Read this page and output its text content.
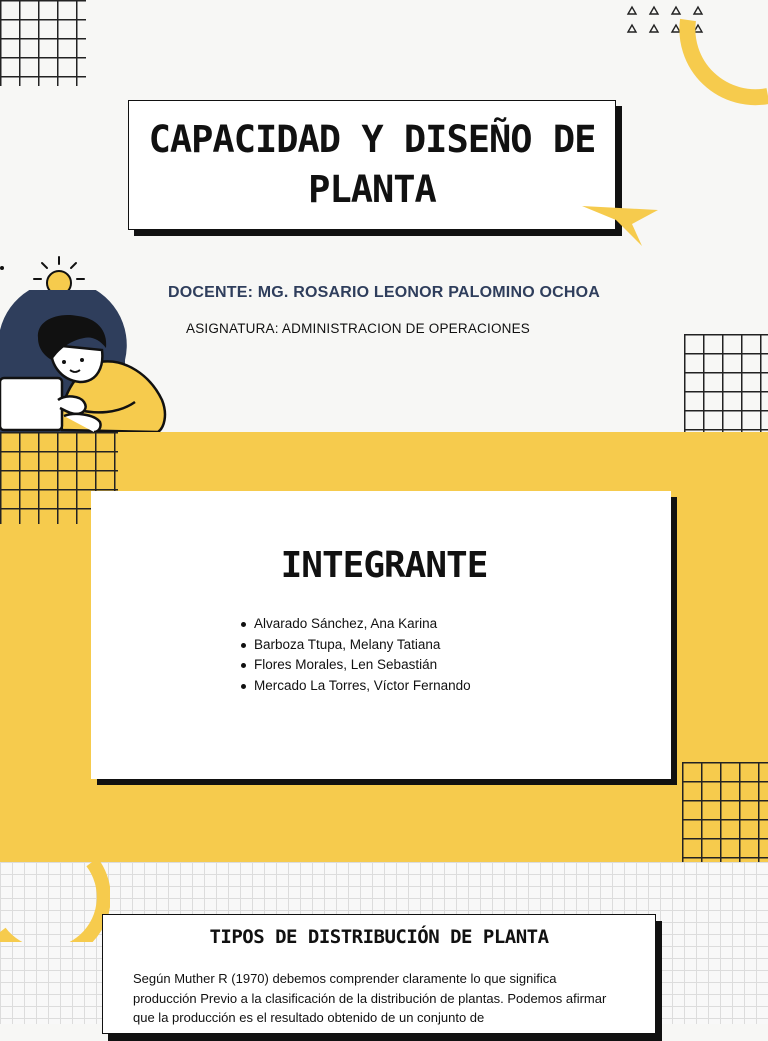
CAPACIDAD Y DISEÑO DE
PLANTA
DOCENTE: MG. ROSARIO LEONOR PALOMINO OCHOA
ASIGNATURA: ADMINISTRACION DE OPERACIONES
INTEGRANTE
Alvarado Sánchez, Ana Karina
Barboza Ttupa, Melany Tatiana
Flores Morales, Len Sebastián
Mercado La Torres, Víctor Fernando
TIPOS DE DISTRIBUCIÓN DE PLANTA
Según Muther R (1970) debemos comprender claramente lo que significa producción Previo a la clasificación de la distribución de plantas. Podemos afirmar que la producción es el resultado obtenido de un conjunto de
